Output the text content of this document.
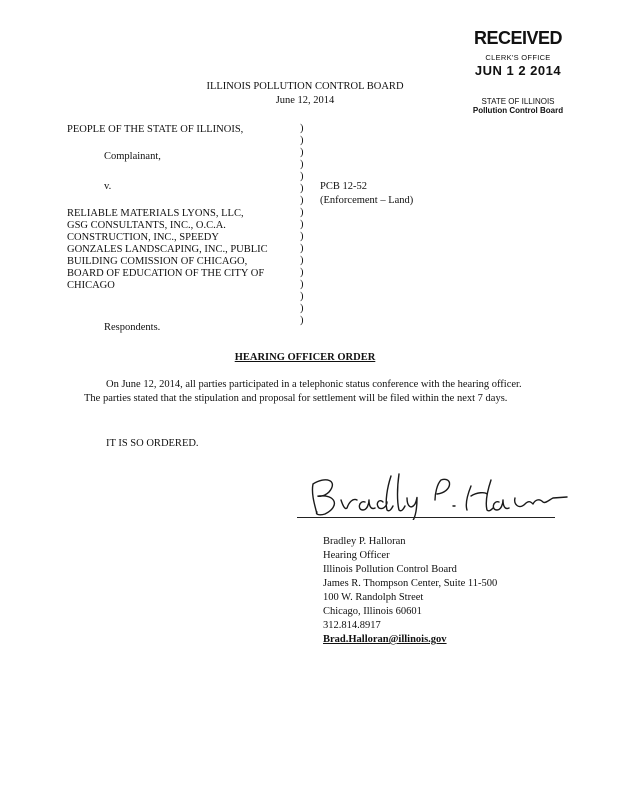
RECEIVED
CLERK'S OFFICE
JUN 1 2 2014
STATE OF ILLINOIS
Pollution Control Board
ILLINOIS POLLUTION CONTROL BOARD
June 12, 2014
PEOPLE OF THE STATE OF ILLINOIS,
Complainant,
v.
RELIABLE MATERIALS LYONS, LLC,
GSG CONSULTANTS, INC., O.C.A.
CONSTRUCTION, INC., SPEEDY
GONZALES LANDSCAPING, INC., PUBLIC
BUILDING COMISSION OF CHICAGO,
BOARD OF EDUCATION OF THE CITY OF
CHICAGO
Respondents.
)
)
)
)
)
)
)
)
)
)
)
)
)
)
)
)
)
PCB 12-52
(Enforcement – Land)
HEARING OFFICER ORDER
On June 12, 2014, all parties participated in a telephonic status conference with the hearing officer. The parties stated that the stipulation and proposal for settlement will be filed within the next 7 days.
IT IS SO ORDERED.
Bradley P. Halloran
Hearing Officer
Illinois Pollution Control Board
James R. Thompson Center, Suite 11-500
100 W. Randolph Street
Chicago, Illinois 60601
312.814.8917
Brad.Halloran@illinois.gov
